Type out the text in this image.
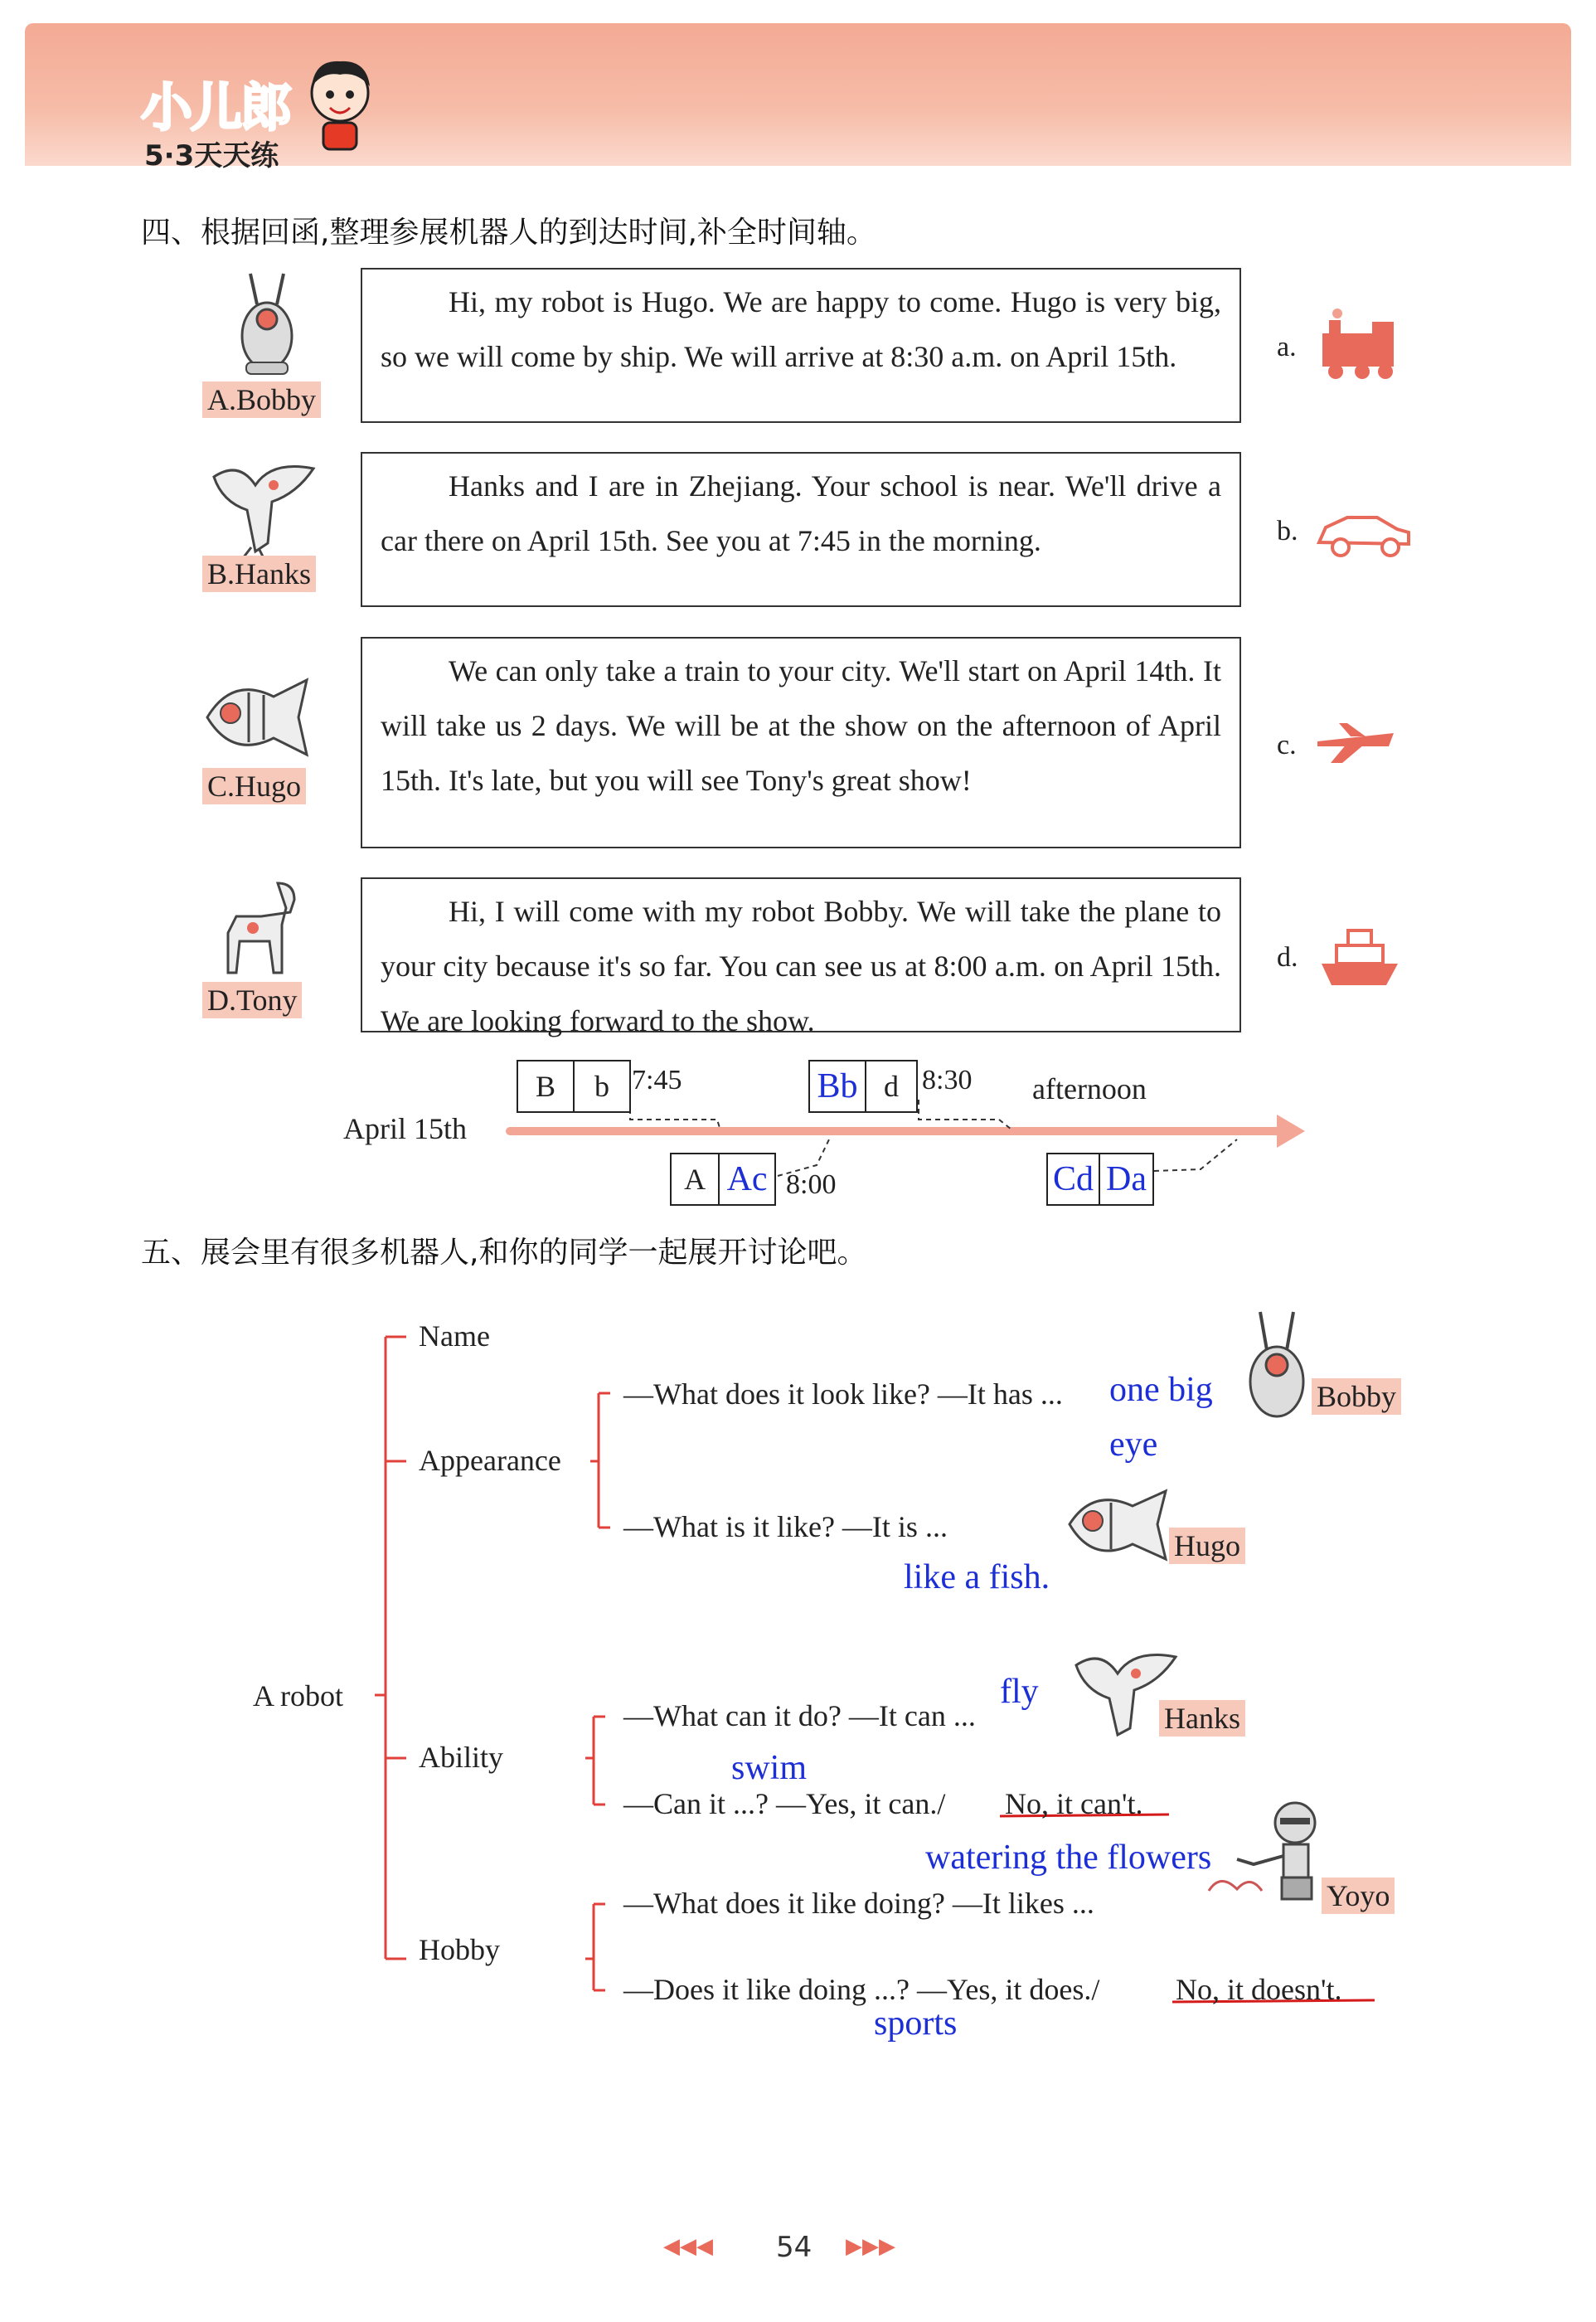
小儿郎
5·3天天练
四、根据回函,整理参展机器人的到达时间,补全时间轴。
A.Bobby

Hi, my robot is Hugo. We are happy to come. Hugo is very big, so we will come by ship. We will arrive at 8:30 a.m. on April 15th.	a.
B.Hanks

Hanks and I are in Zhejiang. Your school is near. We'll drive a car there on April 15th. See you at 7:45 in the morning.	b.
C.Hugo

We can only take a train to your city. We'll start on April 14th. It will take us 2 days. We will be at the show on the afternoon of April 15th. It's late, but you will see Tony's great show!

c.
D.Tony

Hi, I will come with my robot Bobby. We will take the plane to your city because it's so far. You can see us at 8:00 a.m. on April 15th. We are looking forward to the show.

d.
April 15th
B	b 7:45
A Ac 8:00
Bb d 8:30 afternoon
Cd Da
五、展会里有很多机器人,和你的同学一起展开讨论吧。
A robot
Name
Appearance
Ability
Hobby
—What does it look like? —It has ... one big
eye
—What is it like? —It is ...
like a fish.
—What can it do? —It can ...
fly
swim
—Can it ...? —Yes, it can./ No, it can't.
watering the flowers
—What does it like doing? —It likes ...
—Does it like doing ...? —Yes, it does./	No, it doesn't.
sports
Bobby
Hugo
Hanks
Yoyo
◀◀◀ 54 ▶▶▶
